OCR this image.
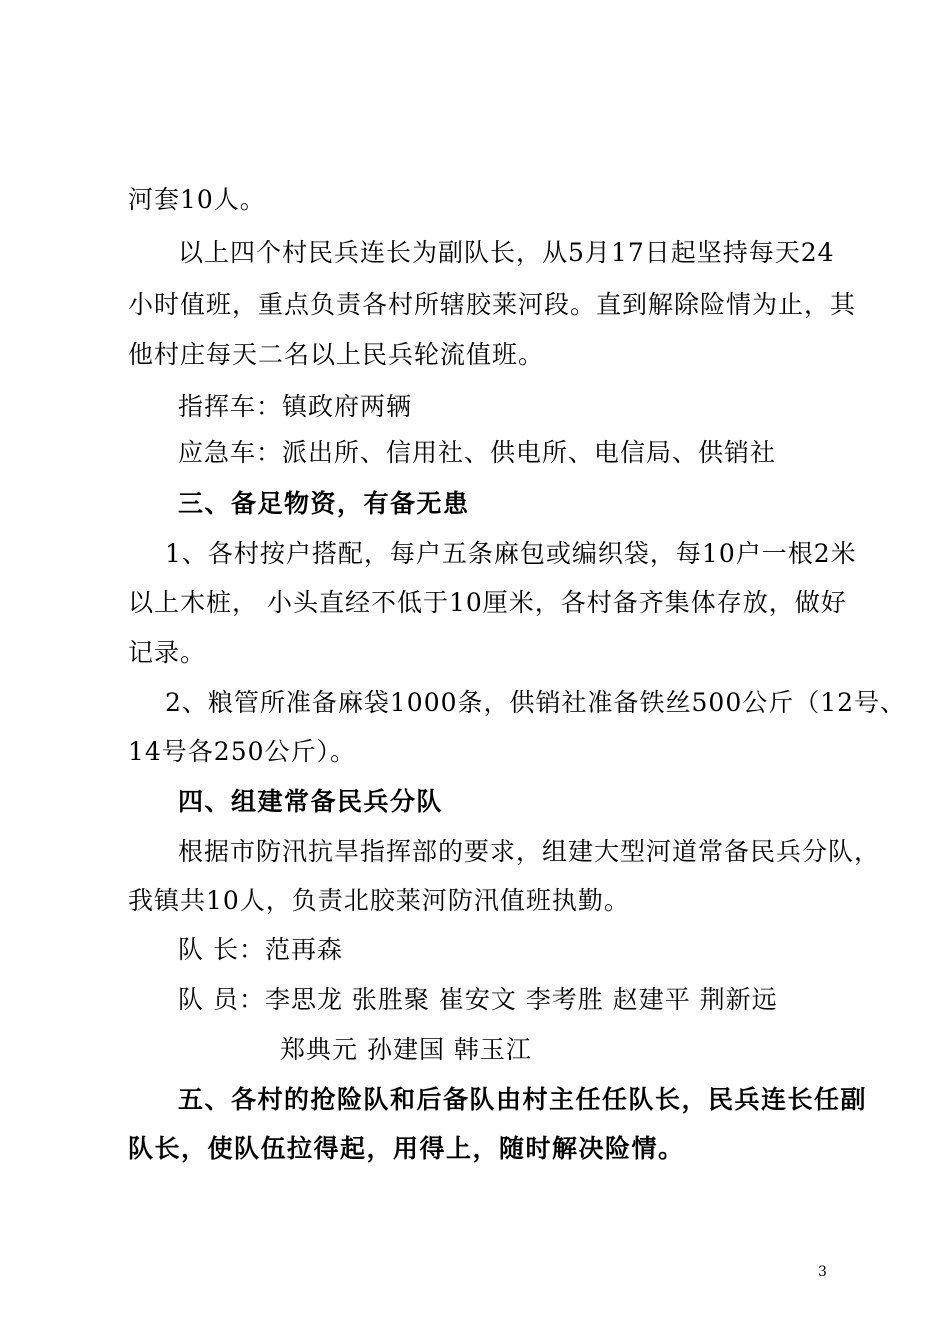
河套10人。
以上四个村民兵连长为副队长，从5月17日起坚持每天24
小时值班，重点负责各村所辖胶莱河段。直到解除险情为止，其
他村庄每天二名以上民兵轮流值班。
指挥车：镇政府两辆
应急车：派出所、信用社、供电所、电信局、供销社
三、备足物资，有备无患
1、各村按户搭配，每户五条麻包或编织袋，每10户一根2米
以上木桩， 小头直经不低于10厘米，各村备齐集体存放，做好
记录。
2、粮管所准备麻袋1000条，供销社准备铁丝500公斤（12号、
14号各250公斤）。
四、组建常备民兵分队
根据市防汛抗旱指挥部的要求，组建大型河道常备民兵分队，
我镇共10人，负责北胶莱河防汛值班执勤。
队 长：范再森
队 员：李思龙 张胜聚 崔安文 李考胜 赵建平 荆新远
郑典元 孙建国 韩玉江
五、各村的抢险队和后备队由村主任任队长，民兵连长任副
队长，使队伍拉得起，用得上，随时解决险情。
3
